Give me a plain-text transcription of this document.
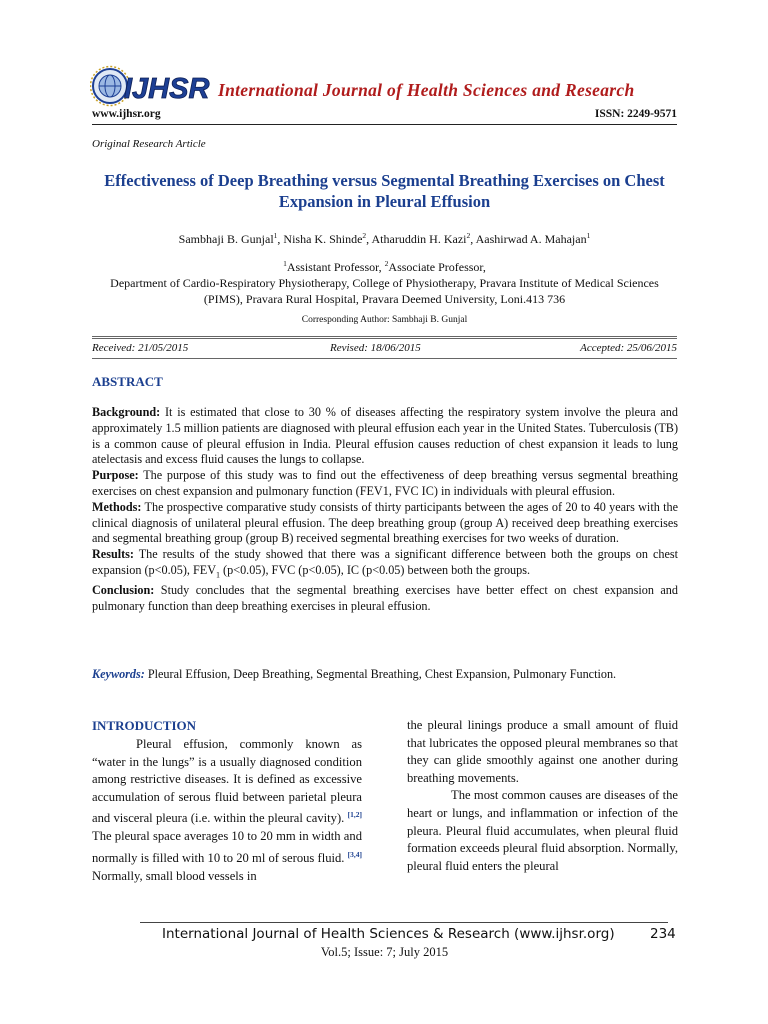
IJHSR International Journal of Health Sciences and Research
www.ijhsr.org	ISSN: 2249-9571
Original Research Article
Effectiveness of Deep Breathing versus Segmental Breathing Exercises on Chest Expansion in Pleural Effusion
Sambhaji B. Gunjal$^1$, Nisha K. Shinde$^2$, Atharuddin H. Kazi$^2$, Aashirwad A. Mahajan$^1$
$^1$Assistant Professor, $^2$Associate Professor,
Department of Cardio-Respiratory Physiotherapy, College of Physiotherapy, Pravara Institute of Medical Sciences
(PIMS), Pravara Rural Hospital, Pravara Deemed University, Loni.413 736
Corresponding Author: Sambhaji B. Gunjal
Received: 21/05/2015	Revised: 18/06/2015	Accepted: 25/06/2015
ABSTRACT

Background: It is estimated that close to 30 % of diseases affecting the respiratory system involve the pleura and approximately 1.5 million patients are diagnosed with pleural effusion each year in the United States. Tuberculosis (TB) is a common cause of pleural effusion in India. Pleural effusion causes reduction of chest expansion it leads to lung atelectasis and excess fluid causes the lungs to collapse.

Purpose: The purpose of this study was to find out the effectiveness of deep breathing versus segmental breathing exercises on chest expansion and pulmonary function (FEV1, FVC IC) in individuals with pleural effusion.

Methods: The prospective comparative study consists of thirty participants between the ages of 20 to 40 years with the clinical diagnosis of unilateral pleural effusion. The deep breathing group (group A) received deep breathing exercises and segmental breathing group (group B) received segmental breathing exercises for two weeks of duration.

Results: The results of the study showed that there was a significant difference between both the groups on chest expansion (p<0.05), $FEV_1$ (p<0.05), FVC (p<0.05), IC (p<0.05) between both the groups.

Conclusion: Study concludes that the segmental breathing exercises have better effect on chest expansion and pulmonary function than deep breathing exercises in pleural effusion.

Keywords: Pleural Effusion, Deep Breathing, Segmental Breathing, Chest Expansion, Pulmonary Function.
INTRODUCTION

Pleural effusion, commonly known as “water in the lungs” is a usually diagnosed condition among restrictive diseases. It is defined as excessive accumulation of serous fluid between parietal pleura and visceral pleura (i.e. within the pleural cavity). [1,2] The pleural space averages 10 to 20 mm in width and normally is filled with 10 to 20 ml of serous fluid. [3,4] Normally, small blood vessels in

the pleural linings produce a small amount of fluid that lubricates the opposed pleural membranes so that they can glide smoothly against one another during breathing movements.

The most common causes are diseases of the heart or lungs, and inflammation or infection of the pleura. Pleural fluid accumulates, when pleural fluid formation exceeds pleural fluid absorption. Normally, pleural fluid enters the pleural

International Journal of Health Sciences & Research (www.ijhsr.org)	234
Vol.5; Issue: 7; July 2015
